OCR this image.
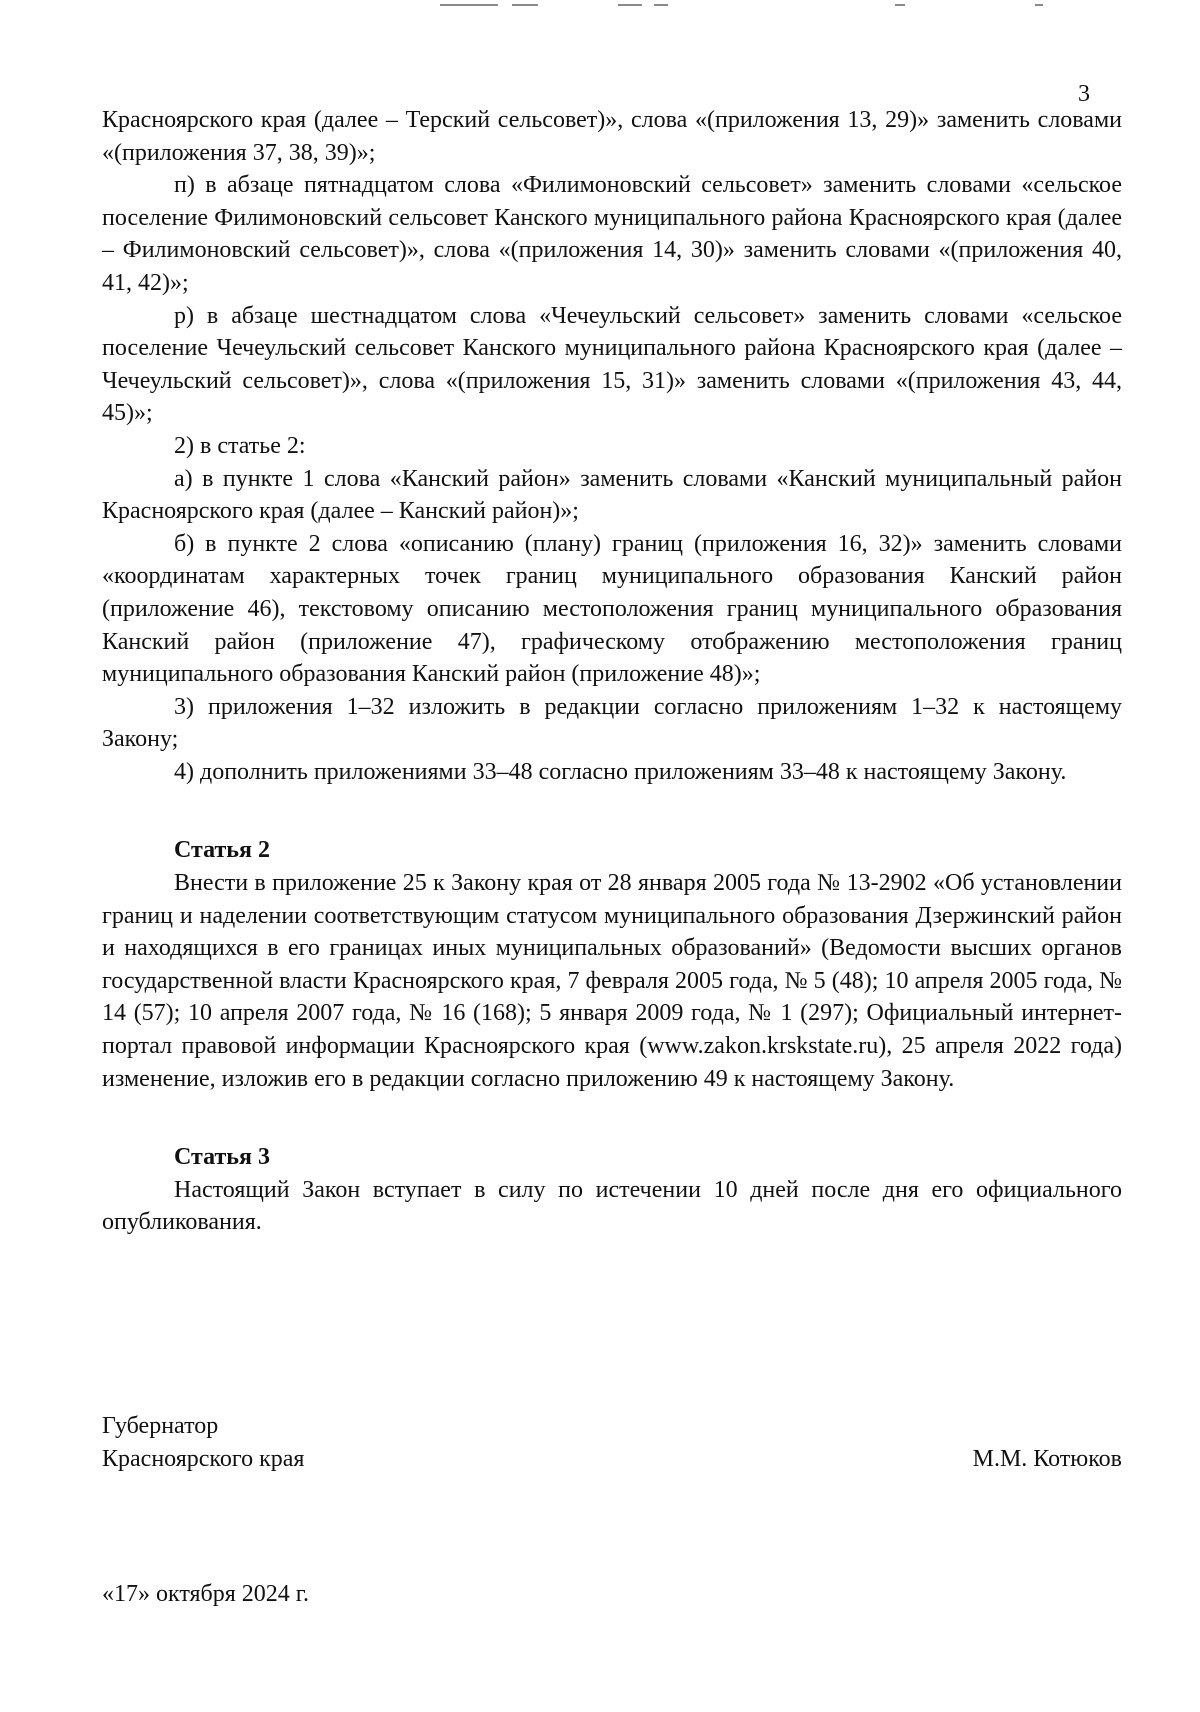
3

Красноярского края (далее – Терский сельсовет)», слова «(приложения 13, 29)» заменить словами «(приложения 37, 38, 39)»;

п) в абзаце пятнадцатом слова «Филимоновский сельсовет» заменить словами «сельское поселение Филимоновский сельсовет Канского муниципального района Красноярского края (далее – Филимоновский сельсовет)», слова «(приложения 14, 30)» заменить словами «(приложения 40, 41, 42)»;

р) в абзаце шестнадцатом слова «Чечеульский сельсовет» заменить словами «сельское поселение Чечеульский сельсовет Канского муниципального района Красноярского края (далее – Чечеульский сельсовет)», слова «(приложения 15, 31)» заменить словами «(приложения 43, 44, 45)»;

2) в статье 2:

а) в пункте 1 слова «Канский район» заменить словами «Канский муниципальный район Красноярского края (далее – Канский район)»;

б) в пункте 2 слова «описанию (плану) границ (приложения 16, 32)» заменить словами «координатам характерных точек границ муниципального образования Канский район (приложение 46), текстовому описанию местоположения границ муниципального образования Канский район (приложение 47), графическому отображению местоположения границ муниципального образования Канский район (приложение 48)»;

3) приложения 1–32 изложить в редакции согласно приложениям 1–32 к настоящему Закону;

4) дополнить приложениями 33–48 согласно приложениям 33–48 к настоящему Закону.

Статья 2

Внести в приложение 25 к Закону края от 28 января 2005 года № 13-2902 «Об установлении границ и наделении соответствующим статусом муниципального образования Дзержинский район и находящихся в его границах иных муниципальных образований» (Ведомости высших органов государственной власти Красноярского края, 7 февраля 2005 года, № 5 (48); 10 апреля 2005 года, № 14 (57); 10 апреля 2007 года, № 16 (168); 5 января 2009 года, № 1 (297); Официальный интернет-портал правовой информации Красноярского края (www.zakon.krskstate.ru), 25 апреля 2022 года) изменение, изложив его в редакции согласно приложению 49 к настоящему Закону.

Статья 3

Настоящий Закон вступает в силу по истечении 10 дней после дня его официального опубликования.

Губернатор
Красноярского края	М.М. Котюков
«17» октября 2024 г.
